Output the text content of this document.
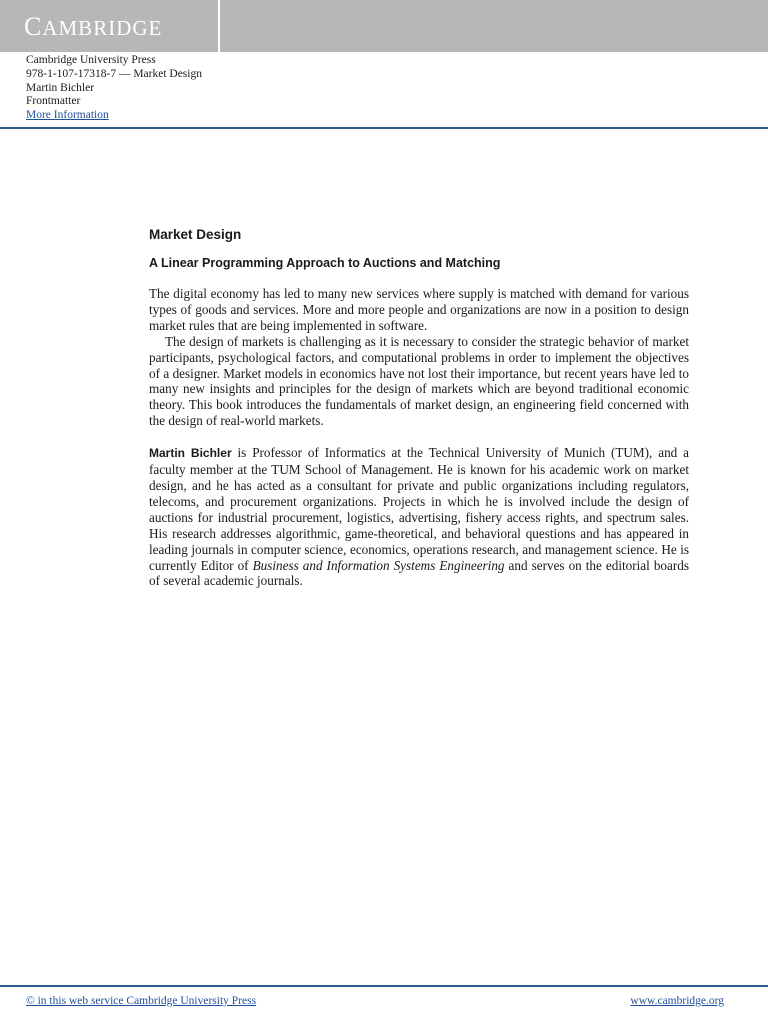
CAMBRIDGE
Cambridge University Press
978-1-107-17318-7 — Market Design
Martin Bichler
Frontmatter
More Information
Market Design
A Linear Programming Approach to Auctions and Matching

The digital economy has led to many new services where supply is matched with demand for various types of goods and services. More and more people and organizations are now in a position to design market rules that are being implemented in software.

The design of markets is challenging as it is necessary to consider the strategic behavior of market participants, psychological factors, and computational problems in order to implement the objectives of a designer. Market models in economics have not lost their importance, but recent years have led to many new insights and principles for the design of markets which are beyond traditional economic theory. This book introduces the fundamentals of market design, an engineering field concerned with the design of real-world markets.

Martin Bichler is Professor of Informatics at the Technical University of Munich (TUM), and a faculty member at the TUM School of Management. He is known for his academic work on market design, and he has acted as a consultant for private and public organizations including regulators, telecoms, and procurement organizations. Projects in which he is involved include the design of auctions for industrial procurement, logistics, advertising, fishery access rights, and spectrum sales. His research addresses algorithmic, game-theoretical, and behavioral questions and has appeared in leading journals in computer science, economics, operations research, and management science. He is currently Editor of Business and Information Systems Engineering and serves on the editorial boards of several academic journals.

© in this web service Cambridge University Press	www.cambridge.org
